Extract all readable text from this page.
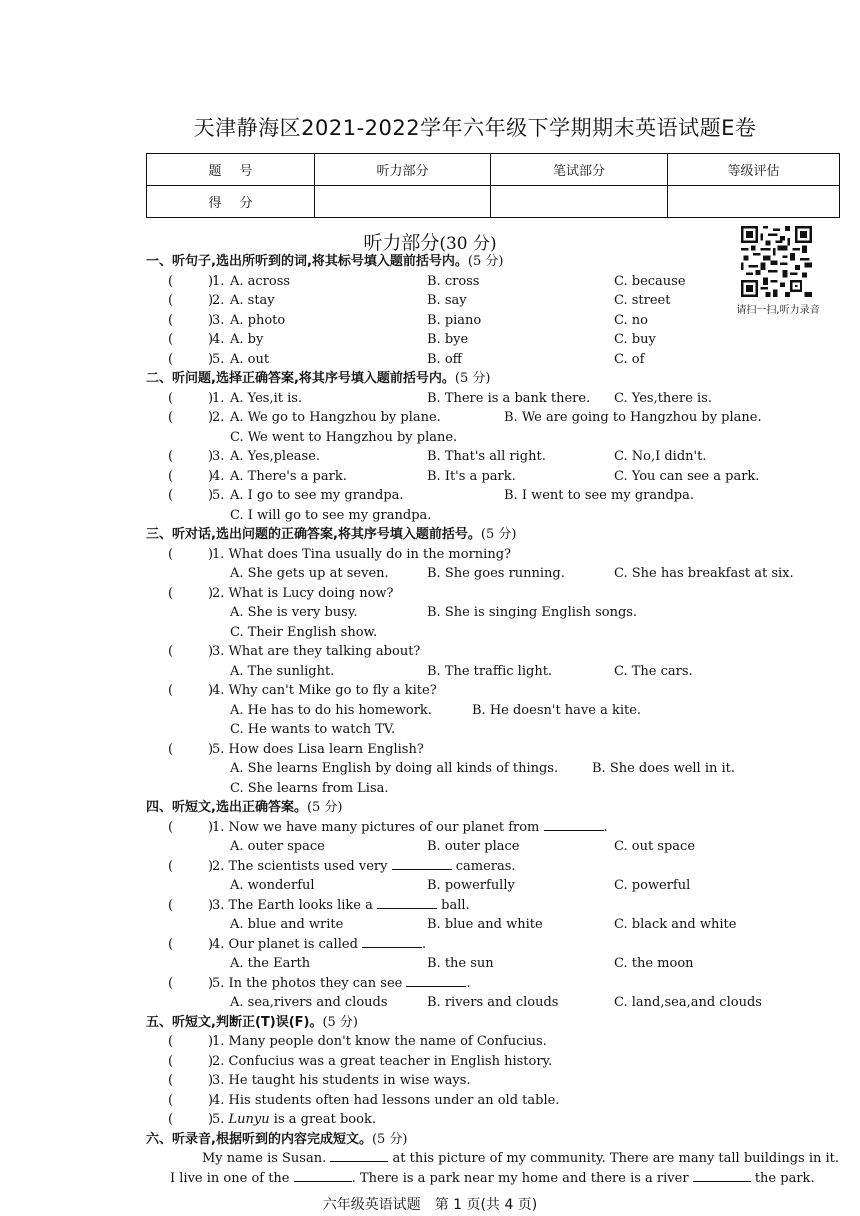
天津静海区2021-2022学年六年级下学期期末英语试题E卷
题号	听力部分	笔试部分	等级评估
得分			
听力部分(30 分)
请扫一扫,听力录音
一、听句子,选出所听到的词,将其标号填入题前括号内。(5 分)
(	)
1. A. across	B. cross	C. because
(	)
2. A. stay	B. say	C. street
(	)
3. A. photo	B. piano	C. no
(	)
4. A. by	B. bye	C. buy
(	)
5. A. out	B. off	C. of
二、听问题,选择正确答案,将其序号填入题前括号内。(5 分)
(	)
1. A. Yes,it is.	B. There is a bank there. C. Yes,there is.
(	)
2. A. We go to Hangzhou by plane.	B. We are going to Hangzhou by plane.
C. We went to Hangzhou by plane.
(	)
3. A. Yes,please.	B. That's all right.	C. No,I didn't.
(	)
4. A. There's a park.	B. It's a park.	C. You can see a park.
(	)
5. A. I go to see my grandpa.	B. I went to see my grandpa.
C. I will go to see my grandpa.
三、听对话,选出问题的正确答案,将其序号填入题前括号。(5 分)
(	)
1. What does Tina usually do in the morning?
A. She gets up at seven.	B. She goes running.	C. She has breakfast at six.
(	)
2. What is Lucy doing now?
A. She is very busy.	B. She is singing English songs.
C. Their English show.
(	)
3. What are they talking about?
A. The sunlight.	B. The traffic light.	C. The cars.
(	)
4. Why can't Mike go to fly a kite?
A. He has to do his homework.	B. He doesn't have a kite.
C. He wants to watch TV.
(	)
5. How does Lisa learn English?
A. She learns English by doing all kinds of things.	B. She does well in it.
C. She learns from Lisa.
四、听短文,选出正确答案。(5 分)
(	)
1. Now we have many pictures of our planet from	.
A. outer space	B. outer place	C. out space
(	)
2. The scientists used very	cameras.
A. wonderful	B. powerfully	C. powerful
(	)
3. The Earth looks like a	ball.
A. blue and write	B. blue and white	C. black and white
(	)
4. Our planet is called	.
A. the Earth	B. the sun	C. the moon
(	)
5. In the photos they can see	.
A. sea,rivers and clouds	B. rivers and clouds	C. land,sea,and clouds
五、听短文,判断正(T)误(F)。(5 分)
(	)
1. Many people don't know the name of Confucius.
(	)
2. Confucius was a great teacher in English history.
(	)
3. He taught his students in wise ways.
(	)
4. His students often had lessons under an old table.
(	)
5. Lunyu is a great book.
六、听录音,根据听到的内容完成短文。(5 分)
My name is Susan.	at this picture of my community. There are many tall buildings in it.
I live in one of the	. There is a park near my home and there is a river	the park.
六年级英语试题　第 1 页(共 4 页)
